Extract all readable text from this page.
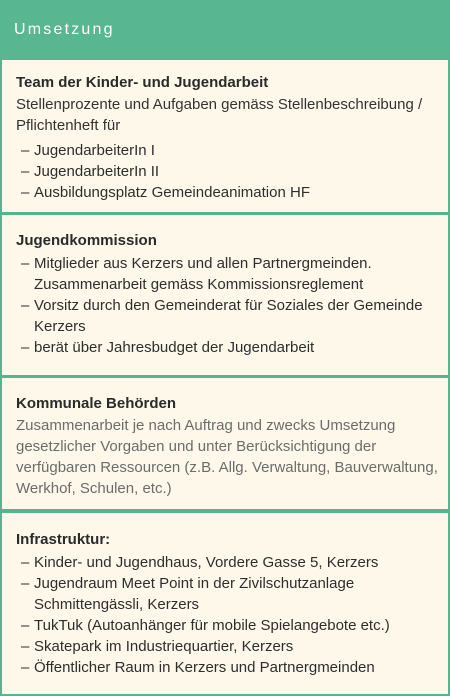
Umsetzung
Team der Kinder- und Jugendarbeit
Stellenprozente und Aufgaben gemäss Stellenbeschreibung / Pflichtenheft für
– JugendarbeiterIn I
– JugendarbeiterIn II
– Ausbildungsplatz Gemeindeanimation HF
Jugendkommission
– Mitglieder aus Kerzers und allen Partnergmeinden. Zusammenarbeit gemäss Kommissionsreglement
– Vorsitz durch den Gemeinderat für Soziales der Gemeinde Kerzers
– berät über Jahresbudget der Jugendarbeit
Kommunale Behörden
Zusammenarbeit je nach Auftrag und zwecks Umsetzung gesetzlicher Vorgaben und unter Berücksichtigung der verfügbaren Ressourcen (z.B. Allg. Verwaltung, Bauverwaltung, Werkhof, Schulen, etc.)
Infrastruktur:
– Kinder- und Jugendhaus, Vordere Gasse 5, Kerzers
– Jugendraum Meet Point in der Zivilschutzanlage Schmittengässli, Kerzers
– TukTuk (Autoanhänger für mobile Spielangebote etc.)
– Skatepark im Industriequartier, Kerzers
– Öffentlicher Raum in Kerzers und Partnergmeinden
